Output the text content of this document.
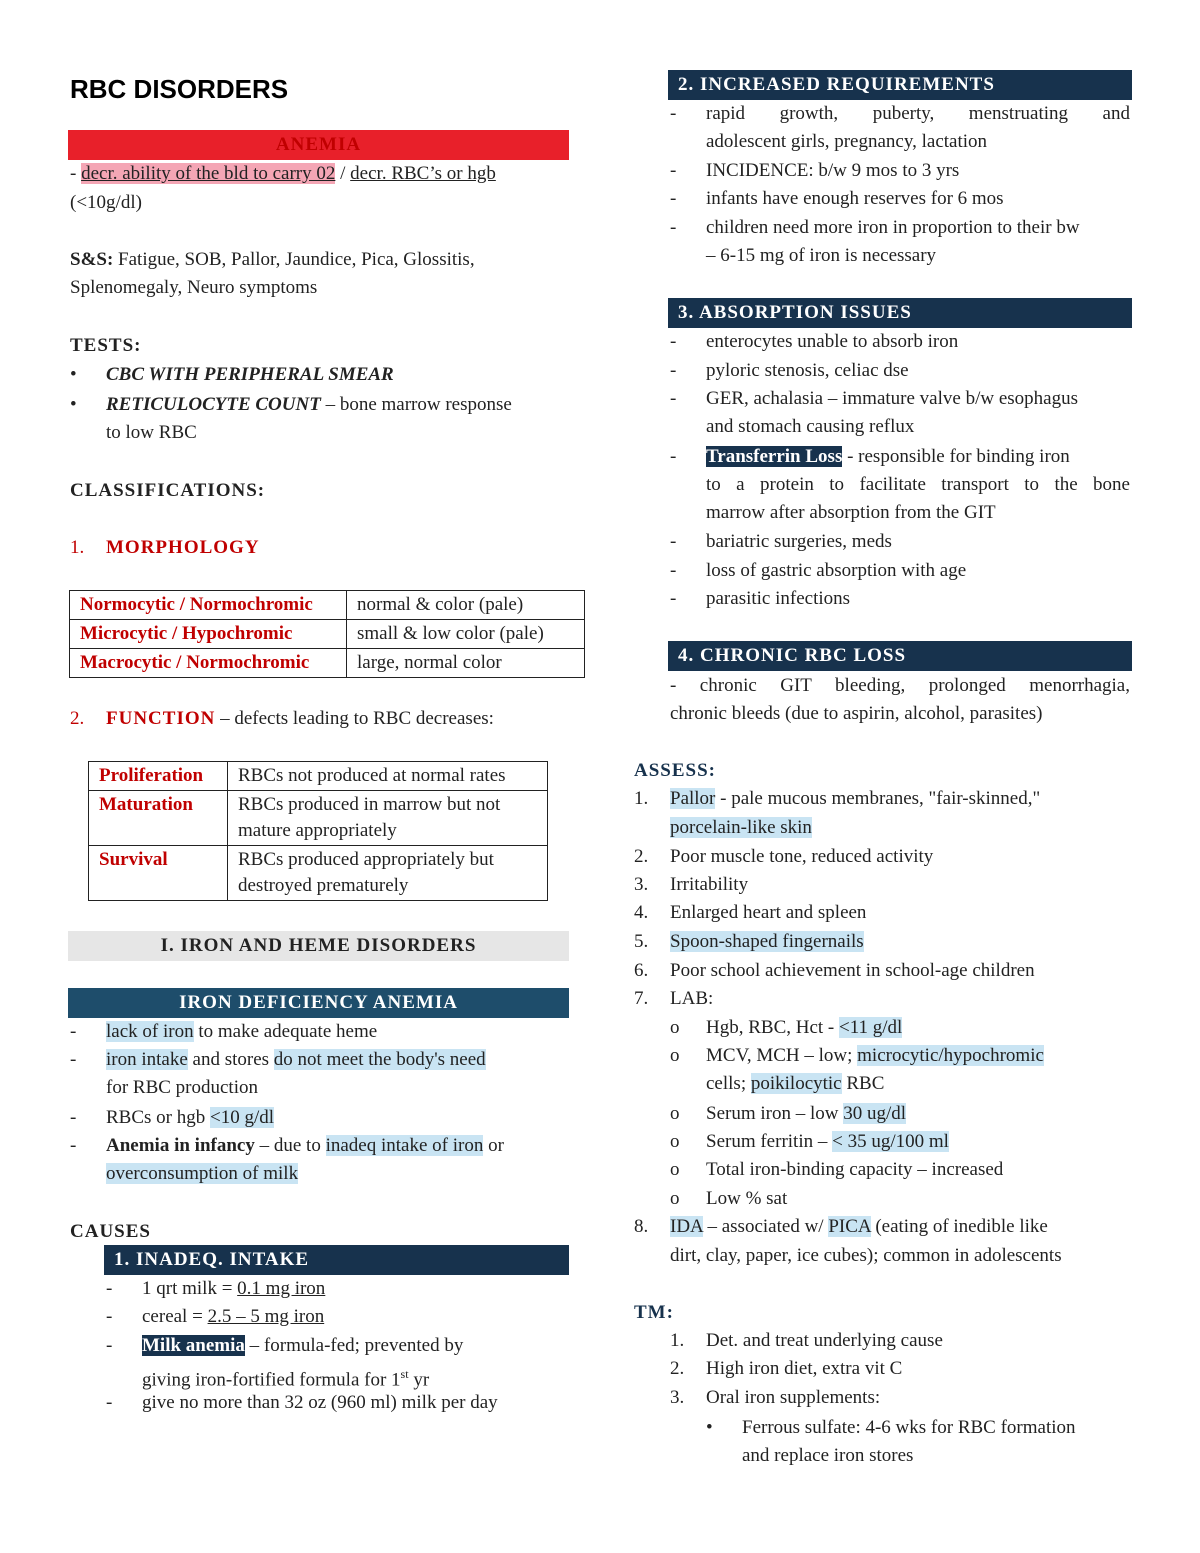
RBC DISORDERS
ANEMIA
- decr. ability of the bld to carry 02 / decr. RBC’s or hgb
(<10g/dl)
S&S: Fatigue, SOB, Pallor, Jaundice, Pica, Glossitis,
Splenomegaly, Neuro symptoms
TESTS:
• CBC WITH PERIPHERAL SMEAR
• RETICULOCYTE COUNT – bone marrow response
to low RBC
CLASSIFICATIONS:
1. MORPHOLOGY
Normocytic / Normochromic	normal & color (pale)
Microcytic / Hypochromic	small & low color (pale)
Macrocytic / Normochromic	large, normal color
2. FUNCTION – defects leading to RBC decreases:
Proliferation	RBCs not produced at normal rates
Maturation	RBCs produced in marrow but not
mature appropriately

Survival	RBCs produced appropriately but
destroyed prematurely
I. IRON AND HEME DISORDERS
IRON DEFICIENCY ANEMIA
- lack of iron to make adequate heme
- iron intake and stores do not meet the body's need
for RBC production
- RBCs or hgb <10 g/dl
- Anemia in infancy – due to inadeq intake of iron or
overconsumption of milk
CAUSES
1. INADEQ. INTAKE
- 1 qrt milk = 0.1 mg iron
- cereal = 2.5 – 5 mg iron
- Milk anemia – formula-fed; prevented by
giving iron-fortified formula for 1st yr
- give no more than 32 oz (960 ml) milk per day
2. INCREASED REQUIREMENTS
- rapid growth, puberty, menstruating and
adolescent girls, pregnancy, lactation
- INCIDENCE: b/w 9 mos to 3 yrs
- infants have enough reserves for 6 mos
- children need more iron in proportion to their bw
– 6-15 mg of iron is necessary
3. ABSORPTION ISSUES
- enterocytes unable to absorb iron
- pyloric stenosis, celiac dse
- GER, achalasia – immature valve b/w esophagus
and stomach causing reflux
- Transferrin Loss - responsible for binding iron
to a protein to facilitate transport to the bone
marrow after absorption from the GIT
- bariatric surgeries, meds
- loss of gastric absorption with age
- parasitic infections
4. CHRONIC RBC LOSS
- chronic GIT bleeding, prolonged menorrhagia,
chronic bleeds (due to aspirin, alcohol, parasites)
ASSESS:
1. Pallor - pale mucous membranes, "fair-skinned,"
porcelain-like skin
2. Poor muscle tone, reduced activity
3. Irritability
4. Enlarged heart and spleen
5. Spoon-shaped fingernails
6. Poor school achievement in school-age children
7. LAB:
o Hgb, RBC, Hct - <11 g/dl
o MCV, MCH – low; microcytic/hypochromic
cells; poikilocytic RBC
o Serum iron – low 30 ug/dl
o Serum ferritin – < 35 ug/100 ml
o Total iron-binding capacity – increased
o Low % sat
8. IDA – associated w/ PICA (eating of inedible like
dirt, clay, paper, ice cubes); common in adolescents
TM:
1. Det. and treat underlying cause
2. High iron diet, extra vit C
3. Oral iron supplements:
• Ferrous sulfate: 4-6 wks for RBC formation
and replace iron stores
